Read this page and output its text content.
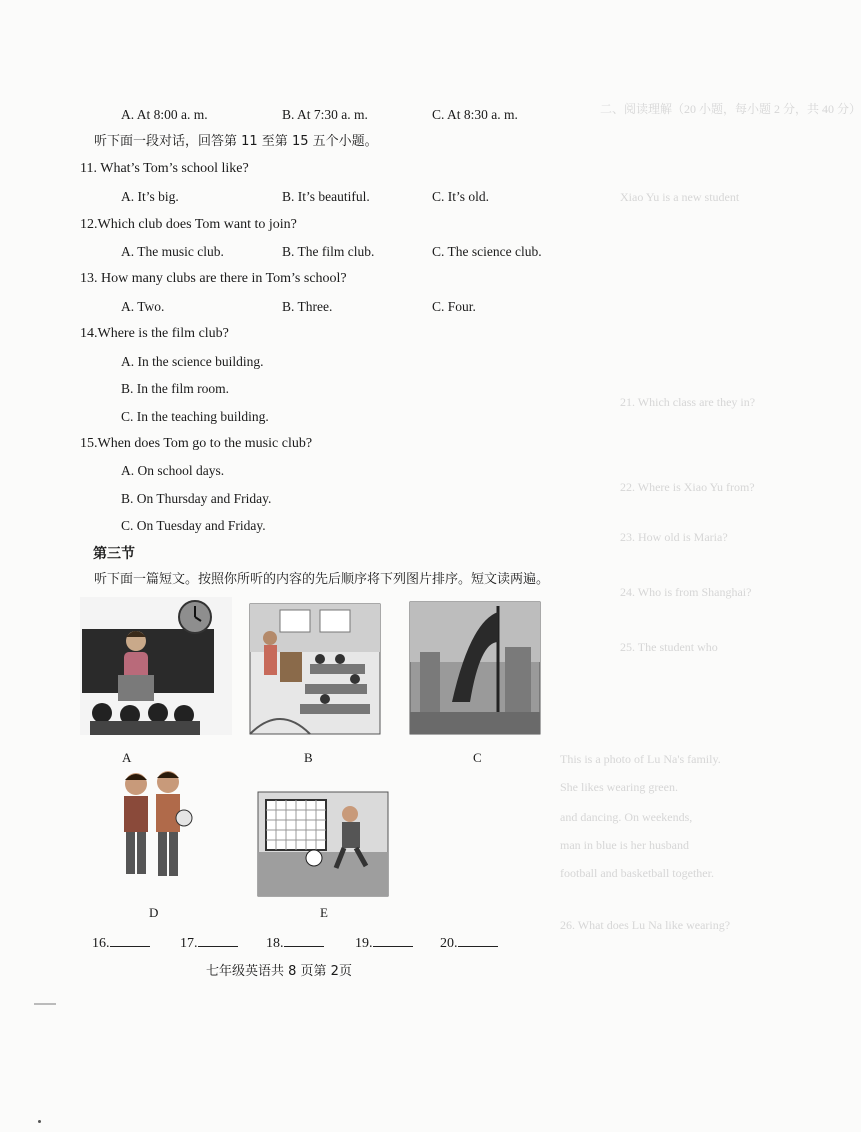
二、阅读理解（20 小题，每小题 2 分，共 40 分）
Xiao Yu is a new student
21. Which class are they in?
22. Where is Xiao Yu from?
23. How old is Maria?
24. Who is from Shanghai?
25. The student who
This is a photo of Lu Na's family.
She likes wearing green.
and dancing. On weekends,
man in blue is her husband
football and basketball together.
26. What does Lu Na like wearing?
A. At 8:00 a. m.	B. At 7:30 a. m.	C. At 8:30 a. m.
听下面一段对话，回答第 11 至第 15 五个小题。
11. What’s Tom’s school like?
A. It’s big.	B. It’s beautiful.	C. It’s old.
12.Which club does Tom want to join?
A. The music club.	B. The film club.	C. The science club.
13. How many clubs are there in Tom’s school?
A. Two.	B. Three.	C. Four.
14.Where is the film club?
A. In the science building.
B. In the film room.
C. In the teaching building.
15.When does Tom go to the music club?
A. On school days.
B. On Thursday and Friday.
C. On Tuesday and Friday.
第三节
听下面一篇短文。按照你所听的内容的先后顺序将下列图片排序。短文读两遍。
A	B	C
D	E
16.	17.	18.	19.	20.
七年级英语共 8 页第 2页
